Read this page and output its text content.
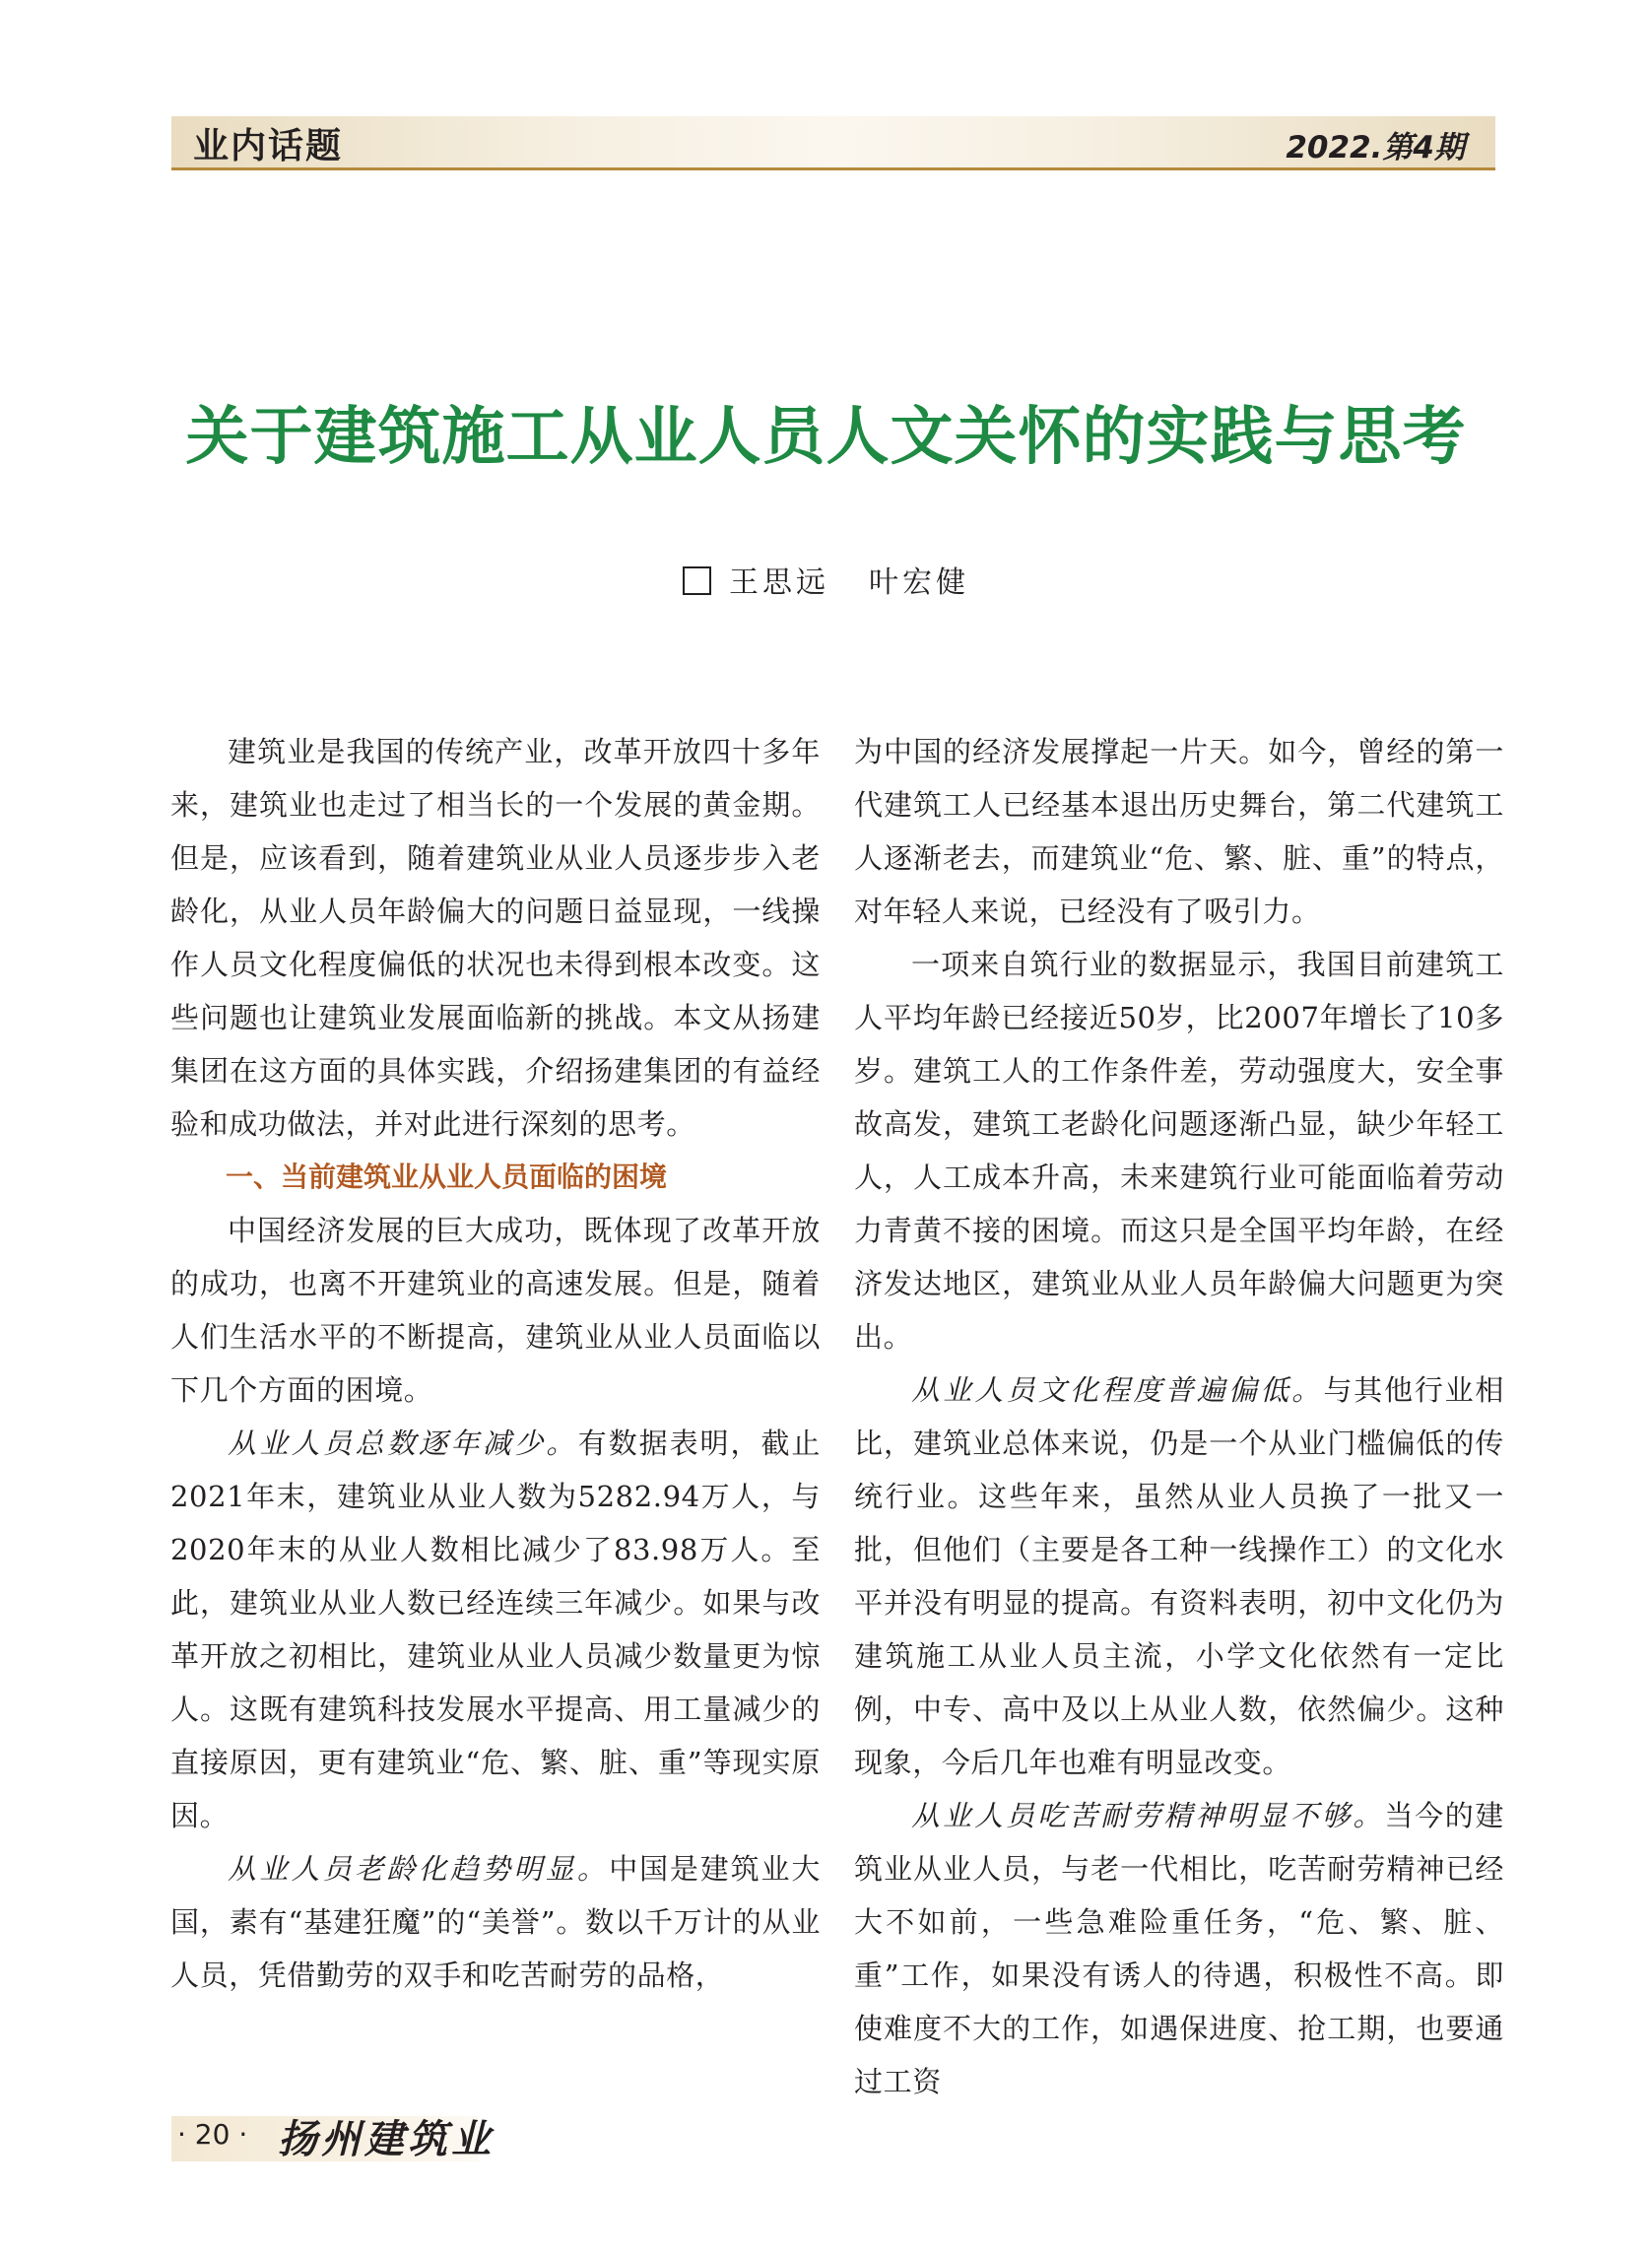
业内话题	2022.第4期
关于建筑施工从业人员人文关怀的实践与思考
王思远 叶宏健

建筑业是我国的传统产业，改革开放四十多年来，建筑业也走过了相当长的一个发展的黄金期。但是，应该看到，随着建筑业从业人员逐步步入老龄化，从业人员年龄偏大的问题日益显现，一线操作人员文化程度偏低的状况也未得到根本改变。这些问题也让建筑业发展面临新的挑战。本文从扬建集团在这方面的具体实践，介绍扬建集团的有益经验和成功做法，并对此进行深刻的思考。

一、当前建筑业从业人员面临的困境

中国经济发展的巨大成功，既体现了改革开放的成功，也离不开建筑业的高速发展。但是，随着人们生活水平的不断提高，建筑业从业人员面临以下几个方面的困境。

从业人员总数逐年减少。有数据表明，截止2021年末，建筑业从业人数为5282.94万人，与2020年末的从业人数相比减少了83.98万人。至此，建筑业从业人数已经连续三年减少。如果与改革开放之初相比，建筑业从业人员减少数量更为惊人。这既有建筑科技发展水平提高、用工量减少的直接原因，更有建筑业“危、繁、脏、重”等现实原因。

从业人员老龄化趋势明显。中国是建筑业大国，素有“基建狂魔”的“美誉”。数以千万计的从业人员，凭借勤劳的双手和吃苦耐劳的品格，

为中国的经济发展撑起一片天。如今，曾经的第一代建筑工人已经基本退出历史舞台，第二代建筑工人逐渐老去，而建筑业“危、繁、脏、重”的特点，对年轻人来说，已经没有了吸引力。

一项来自筑行业的数据显示，我国目前建筑工人平均年龄已经接近50岁，比2007年增长了10多岁。建筑工人的工作条件差，劳动强度大，安全事故高发，建筑工老龄化问题逐渐凸显，缺少年轻工人，人工成本升高，未来建筑行业可能面临着劳动力青黄不接的困境。而这只是全国平均年龄，在经济发达地区，建筑业从业人员年龄偏大问题更为突出。

从业人员文化程度普遍偏低。与其他行业相比，建筑业总体来说，仍是一个从业门槛偏低的传统行业。这些年来，虽然从业人员换了一批又一批，但他们（主要是各工种一线操作工）的文化水平并没有明显的提高。有资料表明，初中文化仍为建筑施工从业人员主流，小学文化依然有一定比例，中专、高中及以上从业人数，依然偏少。这种现象，今后几年也难有明显改变。

从业人员吃苦耐劳精神明显不够。当今的建筑业从业人员，与老一代相比，吃苦耐劳精神已经大不如前，一些急难险重任务，“危、繁、脏、重”工作，如果没有诱人的待遇，积极性不高。即使难度不大的工作，如遇保进度、抢工期，也要通过工资

· 20 · 扬州建筑业
